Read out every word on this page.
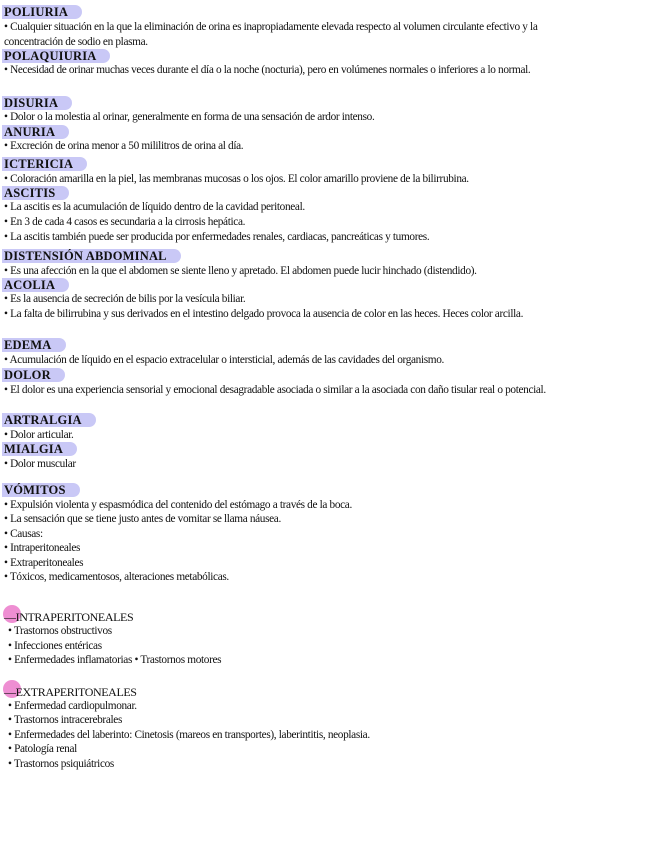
POLIURIA
• Cualquier situación en la que la eliminación de orina es inapropiadamente elevada respecto al volumen circulante efectivo y la concentración de sodio en plasma.
POLAQUIURIA
• Necesidad de orinar muchas veces durante el día o la noche (nocturia), pero en volúmenes normales o inferiores a lo normal.
DISURIA
• Dolor o la molestia al orinar, generalmente en forma de una sensación de ardor intenso.
ANURIA
• Excreción de orina menor a 50 mililitros de orina al día.
ICTERICIA
• Coloración amarilla en la piel, las membranas mucosas o los ojos. El color amarillo proviene de la bilirrubina.
ASCITIS
• La ascitis es la acumulación de líquido dentro de la cavidad peritoneal.
• En 3 de cada 4 casos es secundaria a la cirrosis hepática.
• La ascitis también puede ser producida por enfermedades renales, cardiacas, pancreáticas y tumores.
DISTENSIÓN ABDOMINAL
• Es una afección en la que el abdomen se siente lleno y apretado. El abdomen puede lucir hinchado (distendido).
ACOLIA
• Es la ausencia de secreción de bilis por la vesícula biliar.
• La falta de bilirrubina y sus derivados en el intestino delgado provoca la ausencia de color en las heces. Heces color arcilla.
EDEMA
• Acumulación de líquido en el espacio extracelular o intersticial, además de las cavidades del organismo.
DOLOR
• El dolor es una experiencia sensorial y emocional desagradable asociada o similar a la asociada con daño tisular real o potencial.
ARTRALGIA
• Dolor articular.
MIALGIA
• Dolor muscular
VÓMITOS
• Expulsión violenta y espasmódica del contenido del estómago a través de la boca.
• La sensación que se tiene justo antes de vomitar se llama náusea.
• Causas:
• Intraperitoneales
• Extraperitoneales
• Tóxicos, medicamentosos, alteraciones metabólicas.
—INTRAPERITONEALES
• Trastornos obstructivos
• Infecciones entéricas
• Enfermedades inflamatorias • Trastornos motores
—EXTRAPERITONEALES
• Enfermedad cardiopulmonar.
• Trastornos intracerebrales
• Enfermedades del laberinto: Cinetosis (mareos en transportes), laberintitis, neoplasia.
• Patología renal
• Trastornos psiquiátricos
